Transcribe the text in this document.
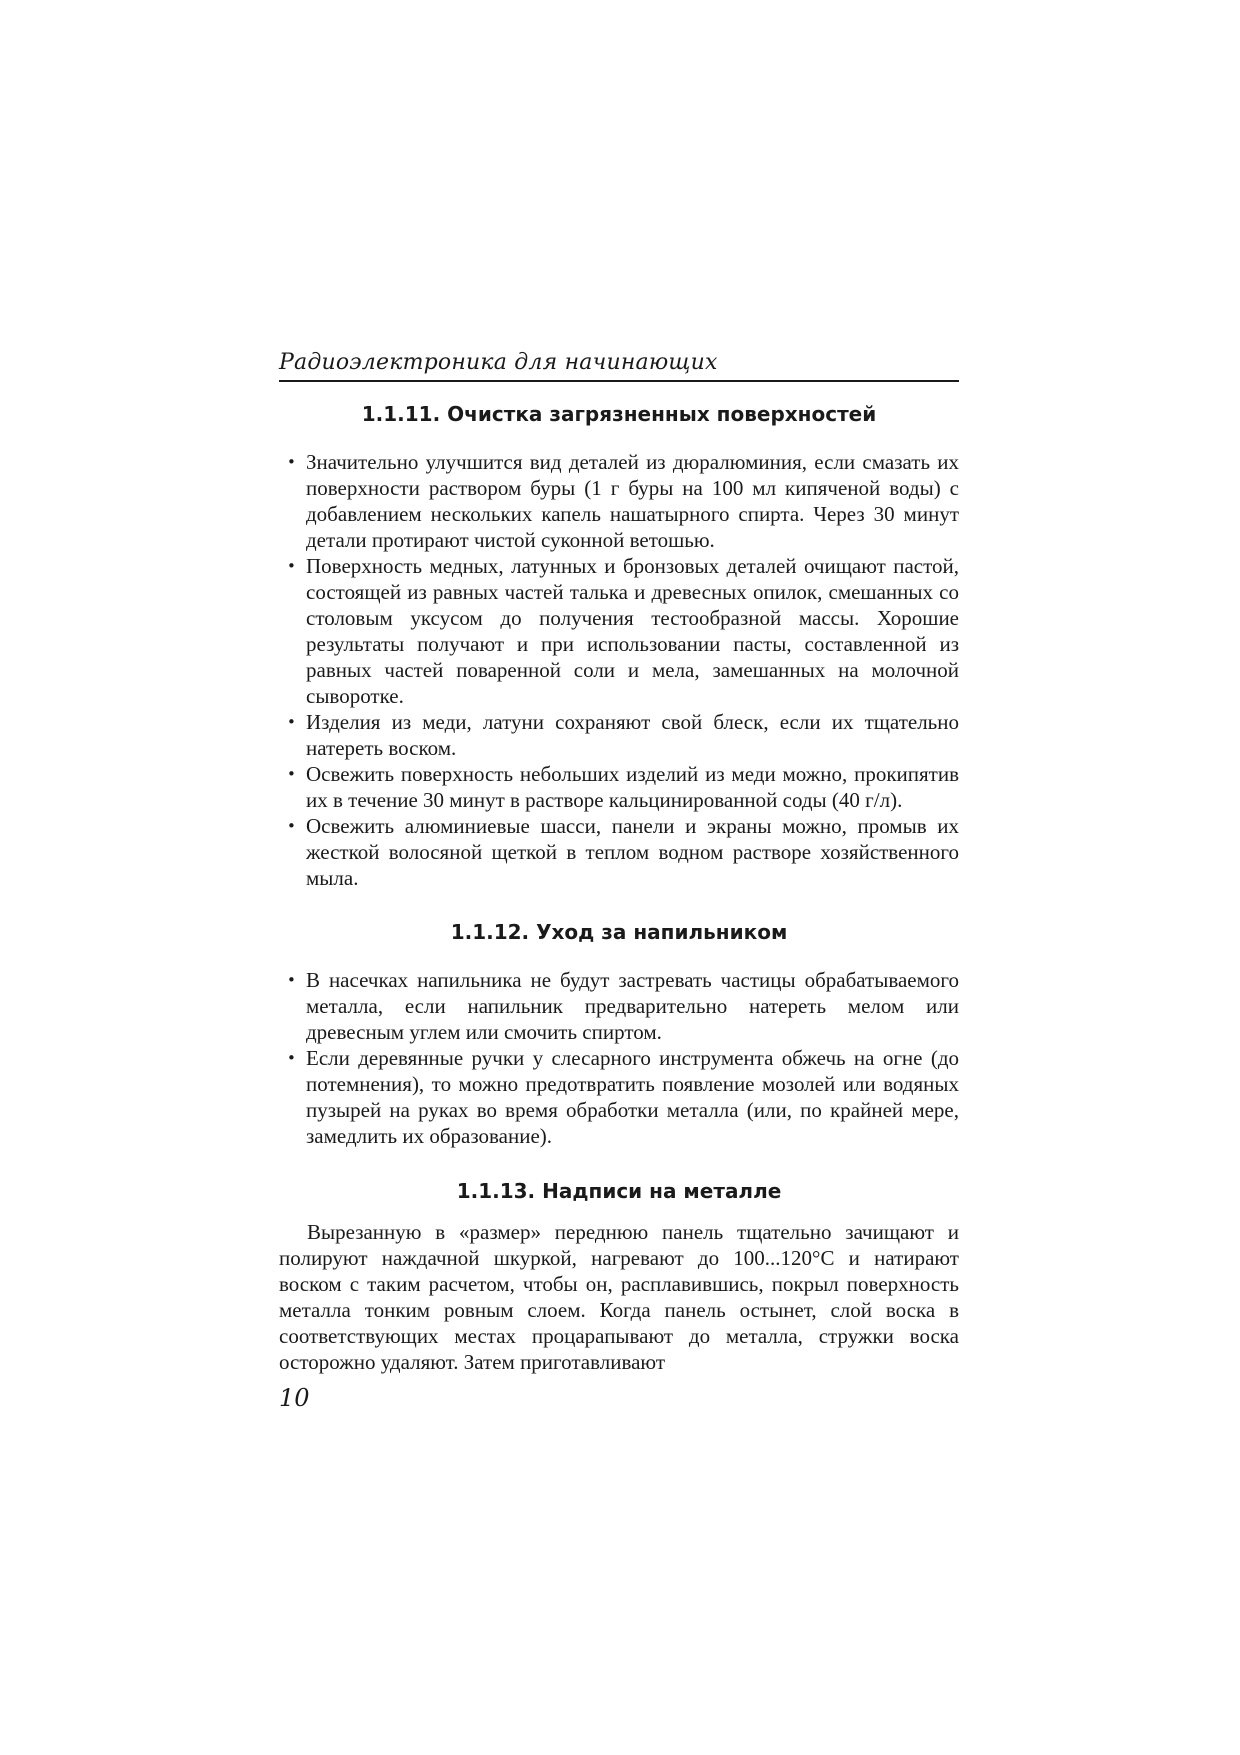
Радиоэлектроника для начинающих
1.1.11. Очистка загрязненных поверхностей
• Значительно улучшится вид деталей из дюралюминия, если смазать их поверхности раствором буры (1 г буры на 100 мл кипяченой воды) с добавлением нескольких капель нашатырного спирта. Через 30 минут детали протирают чистой суконной ветошью.
• Поверхность медных, латунных и бронзовых деталей очищают пастой, состоящей из равных частей талька и древесных опилок, смешанных со столовым уксусом до получения тестообразной массы. Хорошие результаты получают и при использовании пасты, составленной из равных частей поваренной соли и мела, замешанных на молочной сыворотке.
• Изделия из меди, латуни сохраняют свой блеск, если их тщательно натереть воском.
• Освежить поверхность небольших изделий из меди можно, прокипятив их в течение 30 минут в растворе кальцинированной соды (40 г/л).
• Освежить алюминиевые шасси, панели и экраны можно, промыв их жесткой волосяной щеткой в теплом водном растворе хозяйственного мыла.
1.1.12. Уход за напильником
• В насечках напильника не будут застревать частицы обрабатываемого металла, если напильник предварительно натереть мелом или древесным углем или смочить спиртом.
• Если деревянные ручки у слесарного инструмента обжечь на огне (до потемнения), то можно предотвратить появление мозолей или водяных пузырей на руках во время обработки металла (или, по крайней мере, замедлить их образование).
1.1.13. Надписи на металле

Вырезанную в «размер» переднюю панель тщательно зачищают и полируют наждачной шкуркой, нагревают до 100...120°С и натирают воском с таким расчетом, чтобы он, расплавившись, покрыл поверхность металла тонким ровным слоем. Когда панель остынет, слой воска в соответствующих местах процарапывают до металла, стружки воска осторожно удаляют. Затем приготавливают

10
